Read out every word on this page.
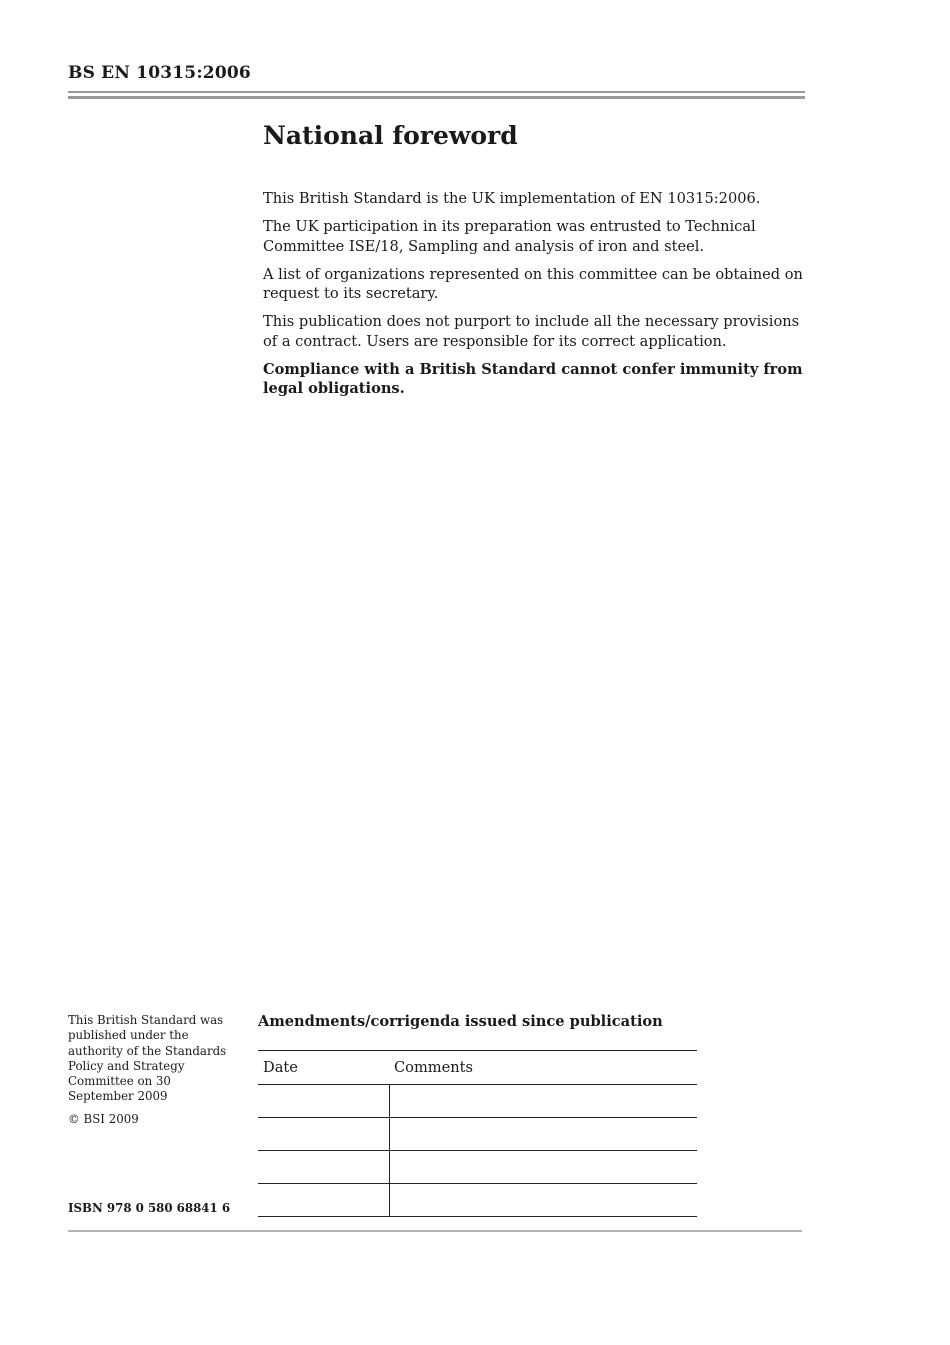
BS EN 10315:2006
National foreword

This British Standard is the UK implementation of EN 10315:2006.

The UK participation in its preparation was entrusted to Technical Committee ISE/18, Sampling and analysis of iron and steel.

A list of organizations represented on this committee can be obtained on request to its secretary.

This publication does not purport to include all the necessary provisions of a contract. Users are responsible for its correct application.

Compliance with a British Standard cannot confer immunity from legal obligations.

This British Standard was published under the authority of the Standards Policy and Strategy Committee on 30 September 2009

© BSI 2009

ISBN 978 0 580 68841 6
Amendments/corrigenda issued since publication
Date	Comments
